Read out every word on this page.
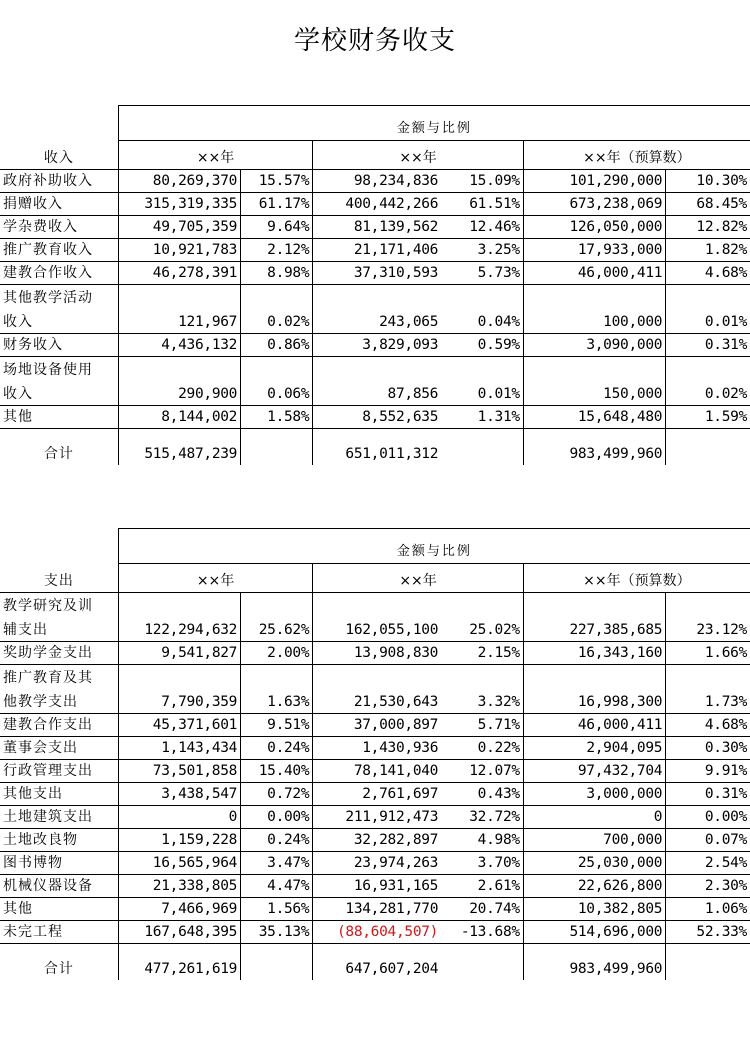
学校财务收支
	金额与比例					
收入	××年		××年		××年（预算数）	
政府补助收入	80,269,370	15.57%	98,234,836	15.09%	101,290,000	10.30%
捐赠收入	315,319,335	61.17%	400,442,266	61.51%	673,238,069	68.45%
学杂费收入	49,705,359	9.64%	81,139,562	12.46%	126,050,000	12.82%
推广教育收入	10,921,783	2.12%	21,171,406	3.25%	17,933,000	1.82%
建教合作收入	46,278,391	8.98%	37,310,593	5.73%	46,000,411	4.68%
其他教学活动						
收入	121,967	0.02%	243,065	0.04%	100,000	0.01%
财务收入	4,436,132	0.86%	3,829,093	0.59%	3,090,000	0.31%
场地设备使用						
收入	290,900	0.06%	87,856	0.01%	150,000	0.02%
其他	8,144,002	1.58%	8,552,635	1.31%	15,648,480	1.59%

合计	515,487,239		651,011,312		983,499,960	
	金额与比例					
支出	××年		××年		××年（预算数）	
教学研究及训						
辅支出	122,294,632	25.62%	162,055,100	25.02%	227,385,685	23.12%
奖助学金支出	9,541,827	2.00%	13,908,830	2.15%	16,343,160	1.66%
推广教育及其						
他教学支出	7,790,359	1.63%	21,530,643	3.32%	16,998,300	1.73%
建教合作支出	45,371,601	9.51%	37,000,897	5.71%	46,000,411	4.68%
董事会支出	1,143,434	0.24%	1,430,936	0.22%	2,904,095	0.30%
行政管理支出	73,501,858	15.40%	78,141,040	12.07%	97,432,704	9.91%
其他支出	3,438,547	0.72%	2,761,697	0.43%	3,000,000	0.31%
土地建筑支出	0	0.00%	211,912,473	32.72%	0	0.00%
土地改良物	1,159,228	0.24%	32,282,897	4.98%	700,000	0.07%
图书博物	16,565,964	3.47%	23,974,263	3.70%	25,030,000	2.54%
机械仪器设备	21,338,805	4.47%	16,931,165	2.61%	22,626,800	2.30%
其他	7,466,969	1.56%	134,281,770	20.74%	10,382,805	1.06%
未完工程	167,648,395	35.13%	(88,604,507)	-13.68%	514,696,000	52.33%

合计	477,261,619		647,607,204		983,499,960	
